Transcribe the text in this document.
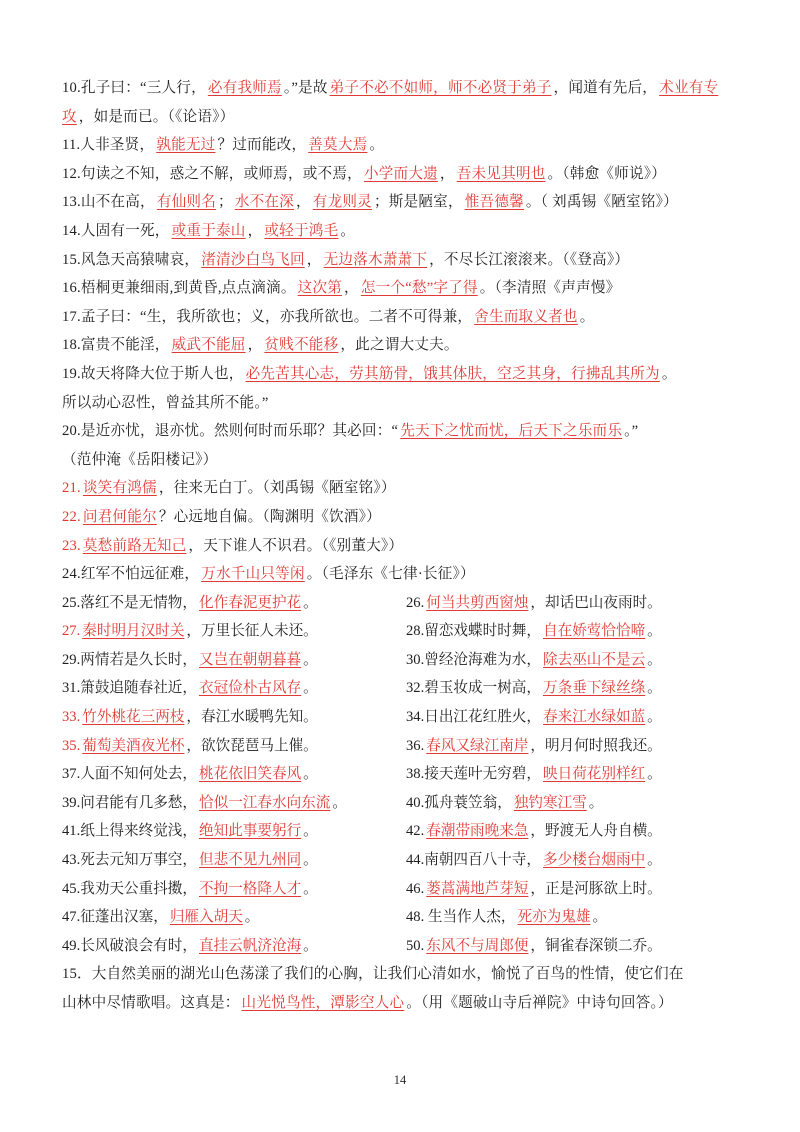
10.孔子曰：“三人行， 必有我师焉 。”是故 弟子不必不如师，师不必贤于弟子 ，闻道有先后， 术业有专攻 ，如是而已。（《论语》）
11.人非圣贤， 孰能无过 ？过而能改， 善莫大焉 。
12.句读之不知，惑之不解，或师焉，或不焉， 小学而大遗 ， 吾未见其明也 。（韩愈《师说》）
13.山不在高， 有仙则名 ； 水不在深 ， 有龙则灵 ；斯是陋室， 惟吾德馨 。（ 刘禹锡《陋室铭》）
14.人固有一死， 或重于泰山 ， 或轻于鸿毛 。
15.风急天高猿啸哀， 渚清沙白鸟飞回 ， 无边落木萧萧下 ，不尽长江滚滚来。（《登高》）
16.梧桐更兼细雨,到黄昏,点点滴滴。 这次第 ， 怎一个“愁”字了得 。（李清照《声声慢》
17.孟子曰：“生，我所欲也；义，亦我所欲也。二者不可得兼， 舍生而取义者也 。
18.富贵不能淫， 威武不能屈 ， 贫贱不能移 ，此之谓大丈夫。
19.故天将降大位于斯人也， 必先苦其心志，劳其筋骨，饿其体肤，空乏其身，行拂乱其所为 。
所以动心忍性，曾益其所不能。”
20.是近亦忧，退亦忧。然则何时而乐耶？其必回：“ 先天下之忧而忧，后天下之乐而乐 。”
（范仲淹《岳阳楼记》）
21. 谈笑有鸿儒 ，往来无白丁。（刘禹锡《陋室铭》）
22. 问君何能尔 ？心远地自偏。（陶渊明《饮酒》）
23. 莫愁前路无知己 ，天下谁人不识君。（《别董大》）
24.红军不怕远征难， 万水千山只等闲 。（毛泽东《七律·长征》）
25.落红不是无情物， 化作春泥更护花 。	26. 何当共剪西窗烛 ，却话巴山夜雨时。
27. 秦时明月汉时关 ，万里长征人未还。	28.留恋戏蝶时时舞， 自在娇莺恰恰啼 。
29.两情若是久长时， 又岂在朝朝暮暮 。	30.曾经沧海难为水， 除去巫山不是云 。
31.箫鼓追随春社近， 衣冠俭朴古风存 。	32.碧玉妆成一树高， 万条垂下绿丝绦 。
33. 竹外桃花三两枝 ，春江水暖鸭先知。	34.日出江花红胜火， 春来江水绿如蓝 。
35. 葡萄美酒夜光杯 ，欲饮琵琶马上催。	36. 春风又绿江南岸 ，明月何时照我还。
37.人面不知何处去， 桃花依旧笑春风 。	38.接天莲叶无穷碧， 映日荷花别样红 。
39.问君能有几多愁， 恰似一江春水向东流 。	40.孤舟蓑笠翁， 独钓寒江雪 。
41.纸上得来终觉浅， 绝知此事要躬行 。	42. 春潮带雨晚来急 ，野渡无人舟自横。
43.死去元知万事空， 但悲不见九州同 。	44.南朝四百八十寺， 多少楼台烟雨中 。
45.我劝天公重抖擞， 不拘一格降人才 。	46. 蒌蒿满地芦芽短 ，正是河豚欲上时。
47.征蓬出汉塞， 归雁入胡天 。	48. 生当作人杰， 死亦为鬼雄 。
49.长风破浪会有时， 直挂云帆济沧海 。	50. 东风不与周郎便 ，铜雀春深锁二乔。
15．大自然美丽的湖光山色荡漾了我们的心胸，让我们心清如水，愉悦了百鸟的性情，使它们在
山林中尽情歌唱。这真是： 山光悦鸟性，潭影空人心 。（用《题破山寺后禅院》中诗句回答。）
14
